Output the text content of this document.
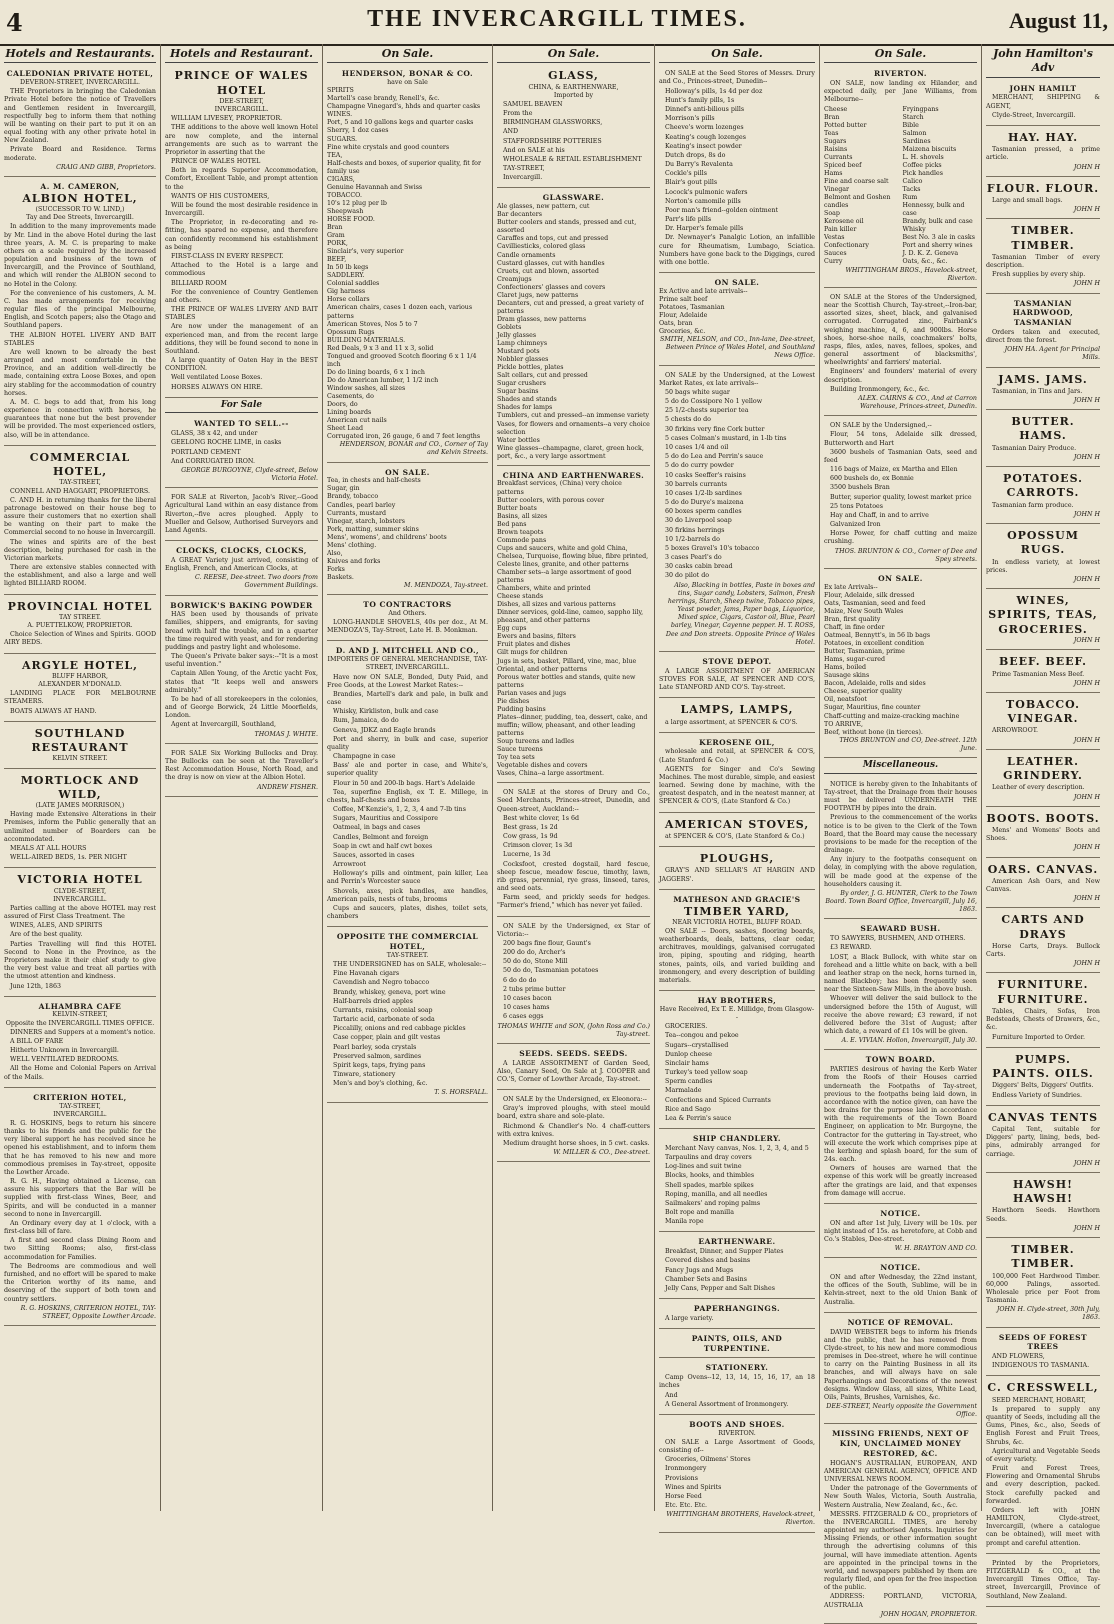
4	THE INVERCARGILL TIMES.	August 11,
Hotels and Restaurants.
CALEDONIAN PRIVATE HOTEL,
DEVERON-STREET, INVERCARGILL.

THE Proprietors in bringing the Caledonian Private Hotel before the notice of Travellers and Gentlemen resident in Invercargill, respectfully beg to inform them that nothing will be wanting on their part to put it on an equal footing with any other private hotel in New Zealand.

Private Board and Residence. Terms moderate.

CRAIG AND GIBB, Proprietors.
A. M. CAMERON,
ALBION HOTEL,
(SUCCESSOR TO W. LIND,)
Tay and Dee Streets, Invercargill.

In addition to the many improvements made by Mr. Lind in the above Hotel during the last three years, A. M. C. is preparing to make others on a scale required by the increased population and business of the town of Invercargill, and the Province of Southland, and which will render the ALBION second to no Hotel in the Colony.

For the convenience of his customers, A. M. C. has made arrangements for receiving regular files of the principal Melbourne, English, and Scotch papers; also the Otago and Southland papers.

THE ALBION HOTEL LIVERY AND BAIT STABLES

Are well known to be already the best arranged and most comfortable in the Province, and an addition well-directly be made, containing extra Loose Boxes, and open airy stabling for the accommodation of country horses.

A. M. C. begs to add that, from his long experience in connection with horses, he guarantees that none but the best provender will be provided. The most experienced ostlers, also, will be in attendance.

COMMERCIAL HOTEL,
TAY-STREET,
CONNELL AND HAGGART, PROPRIETORS.

C. AND H. in returning thanks for the liberal patronage bestowed on their house beg to assure their customers that no exertion shall be wanting on their part to make the Commercial second to no house in Invercargill.

The wines and spirits are of the best description, being purchased for cash in the Victorian markets.

There are extensive stables connected with the establishment, and also a large and well lighted BILLIARD ROOM.

PROVINCIAL HOTEL
TAY STREET.
A. PUETTELKOW, PROPRIETOR.

Choice Selection of Wines and Spirits. GOOD AIRY BEDS.

ARGYLE HOTEL,
BLUFF HARBOR,
ALEXANDER M'DONALD.

LANDING PLACE FOR MELBOURNE STEAMERS.

BOATS ALWAYS AT HAND.

SOUTHLAND RESTAURANT
KELVIN STREET.
MORTLOCK AND WILD,
(LATE JAMES MORRISON,)

Having made Extensive Alterations in their Premises, inform the Public generally that an unlimited number of Boarders can be accommodated.

MEALS AT ALL HOURS

WELL-AIRED BEDS, 1s. PER NIGHT

VICTORIA HOTEL
CLYDE-STREET,
INVERCARGILL.

Parties calling at the above HOTEL may rest assured of First Class Treatment. The

WINES, ALES, AND SPIRITS

Are of the best quality.

Parties Travelling will find this HOTEL Second to None in the Province, as the Proprietors make it their chief study to give the very best value and treat all parties with the utmost attention and kindness.

June 12th, 1863

ALHAMBRA CAFE
KELVIN-STREET,
Opposite the INVERCARGILL TIMES OFFICE.

DINNERS and Suppers at a moment's notice.

A BILL OF FARE

Hitherto Unknown in Invercargill.

WELL VENTILATED BEDROOMS.

All the Home and Colonial Papers on Arrival of the Mails.

CRITERION HOTEL,
TAY-STREET,
INVERCARGILL.

R. G. HOSKINS, begs to return his sincere thanks to his friends and the public for the very liberal support he has received since he opened his establishment, and to inform them that he has removed to his new and more commodious premises in Tay-street, opposite the Lowther Arcade.

R. G. H., Having obtained a License, can assure his supporters that the Bar will be supplied with first-class Wines, Beer, and Spirits, and will be conducted in a manner second to none in Invercargill.

An Ordinary every day at 1 o'clock, with a first-class bill of fare.

A first and second class Dining Room and two Sitting Rooms; also, first-class accommodation for Families.

The Bedrooms are commodious and well furnished, and no effort will be spared to make the Criterion worthy of its name, and deserving of the support of both town and country settlers.

R. G. HOSKINS, CRITERION HOTEL, TAY-STREET, Opposite Lowther Arcade.
Hotels and Restaurant.
PRINCE OF WALES HOTEL
DEE-STREET,
INVERCARGILL.

WILLIAM LIVESEY, PROPRIETOR.

THE additions to the above well known Hotel are now complete, and the internal arrangements are such as to warrant the Proprietor in asserting that the

PRINCE OF WALES HOTEL

Both in regards Superior Accommodation, Comfort, Excellent Table, and prompt attention to the

WANTS OF HIS CUSTOMERS,

Will be found the most desirable residence in Invercargill.

The Proprietor, in re-decorating and re-fitting, has spared no expense, and therefore can confidently recommend his establishment as being

FIRST-CLASS IN EVERY RESPECT.

Attached to the Hotel is a large and commodious

BILLIARD ROOM

For the convenience of Country Gentlemen and others.

THE PRINCE OF WALES LIVERY AND BAIT STABLES

Are now under the management of an experienced man, and from the recent large additions, they will be found second to none in Southland.

A large quantity of Oaten Hay in the BEST CONDITION.

Well ventilated Loose Boxes.

HORSES ALWAYS ON HIRE.

For Sale
WANTED TO SELL.--

GLASS, 38 x 42, and under

GEELONG ROCHE LIME, in casks

PORTLAND CEMENT

And CORRUGATED IRON.

GEORGE BURGOYNE, Clyde-street, Below Victoria Hotel.

FOR SALE at Riverton, Jacob's River,--Good Agricultural Land within an easy distance from Riverton,--five acres ploughed. Apply to Mueller and Gelsow, Authorised Surveyors and Land Agents.

CLOCKS, CLOCKS, CLOCKS,

A GREAT Variety just arrived, consisting of English, French, and American Clocks, at

C. REESE, Dee-street. Two doors from Government Buildings.
BORWICK'S BAKING POWDER

HAS been used by thousands of private families, shippers, and emigrants, for saving bread with half the trouble, and in a quarter the time required with yeast, and for rendering puddings and pastry light and wholesome.

The Queen's Private baker says:--"It is a most useful invention."

Captain Allen Young, of the Arctic yacht Fox, states that "It keeps well and answers admirably."

To be had of all storekeepers in the colonies, and of George Borwick, 24 Little Moorfields, London.

Agent at Invercargill, Southland,

THOMAS J. WHITE.

FOR SALE Six Working Bullocks and Dray. The Bullocks can be seen at the Traveller's Rest Accommodation House, North Road, and the dray is now on view at the Albion Hotel.

ANDREW FISHER.
On Sale.
HENDERSON, BONAR & CO.
have on Sale
SPIRITS
Martell's case brandy, Renell's, &c.
Champagne Vinegard's, hhds and quarter casks
WINES.
Port, 5 and 10 gallons kegs and quarter casks
Sherry, 1 doz cases
SUGARS.
Fine white crystals and good counters
TEA,
Half-chests and boxes, of superior quality, fit for family use
CIGARS,
Genuine Havannah and Swiss
TOBACCO.
10's 12 plug per lb
Sheepwash
HORSE FOOD.
Bran
Gram
PORK,
Sinclair's, very superior
BEEF,
In 50 lb kegs
SADDLERY.
Colonial saddles
Gig harness
Horse collars
American chairs, cases 1 dozen each, various patterns
American Stoves, Nos 5 to 7
Opossum Rugs
BUILDING MATERIALS.
Red Deals, 9 x 3 and 11 x 3, solid
Tongued and grooved Scotch flooring 6 x 1 1/4 inch
Do do lining boards, 6 x 1 inch
Do do American lumber, 1 1/2 inch
Window sashes, all sizes
Casements, do
Doors, do
Lining boards
American cut nails
Sheet Lead
Corrugated iron, 26 gauge, 6 and 7 feet lengths
HENDERSON, BONAR and CO., Corner of Tay and Kelvin Streets.
ON SALE.
Tea, in chests and half-chests
Sugar, gin
Brandy, tobacco
Candles, pearl barley
Currants, mustard
Vinegar, starch, lobsters
Pork, matting, summer skins
Mens', womens', and childrens' boots
Mens' clothing.
Also,
Knives and forks
Forks
Baskets.
M. MENDOZA, Tay-street.
TO CONTRACTORS
And Others.

LONG-HANDLE SHOVELS, 40s per doz., At M. MENDOZA'S, Tay-Street, Late H. B. Monkman.

D. AND J. MITCHELL AND CO.,
IMPORTERS OF GENERAL MERCHANDISE, TAY-STREET, INVERCARGILL.

Have now ON SALE, Bonded, Duty Paid, and Free Goods, at the Lowest Market Rates:--

Brandies, Martell's dark and pale, in bulk and case

Whisky, Kirkliston, bulk and case

Rum, Jamaica, do do

Geneva, JDKZ and Eagle brands

Port and sherry, in bulk and case, superior quality

Champagne in case

Bass' ale and porter in case, and White's, superior quality

Flour in 50 and 200-lb bags. Hart's Adelaide

Tea, superfine English, ex T. E. Millege, in chests, half-chests and boxes

Coffee, M'Kenzie's, 1, 2, 3, 4 and 7-lb tins

Sugars, Mauritius and Cossipore

Oatmeal, in bags and cases

Candles, Belmont and foreign

Soap in cwt and half cwt boxes

Sauces, assorted in cases

Arrowroot

Holloway's pills and ointment, pain killer, Lea and Perrin's Worcester sauce

Shovels, axes, pick handles, axe handles, American pails, nests of tubs, brooms

Cups and saucers, plates, dishes, toilet sets, chambers

OPPOSITE THE COMMERCIAL HOTEL,
TAY-STREET.

THE UNDERSIGNED has on SALE, wholesale:--

Fine Havanah cigars

Cavendish and Negro tobacco

Brandy, whiskey, geneva, port wine

Half-barrels dried apples

Currants, raisins, colonial soap

Tartaric acid, carbonate of soda

Piccalilly, onions and red cabbage pickles

Case copper, plain and gilt vestas

Pearl barley, soda crystals

Preserved salmon, sardines

Spirit kegs, taps, frying pans

Tinware, stationery

Men's and boy's clothing, &c.

T. S. HORSFALL.
On Sale.
GLASS,
CHINA, & EARTHENWARE,
Imported by

SAMUEL BEAVEN

From the

BIRMINGHAM GLASSWORKS,

AND

STAFFORDSHIRE POTTERIES

And on SALE at his

WHOLESALE & RETAIL ESTABLISHMENT

TAY-STREET,

Invercargill.

GLASSWARE.
Ale glasses, new pattern, cut
Bar decanters
Butter coolers and stands, pressed and cut, assorted
Caraffes and tops, cut and pressed
Cavilliesticks, colored glass
Candle ornaments
Custard glasses, cut with handles
Cruets, cut and blown, assorted
Creamjugs
Confectioners' glasses and covers
Claret jugs, new patterns
Decanters, cut and pressed, a great variety of patterns
Dram glasses, new patterns
Goblets
Jelly glasses
Lamp chimneys
Mustard pots
Nobbler glasses
Pickle bottles, plates
Salt cellars, cut and pressed
Sugar crushers
Sugar basins
Shades and stands
Shades for lamps
Tumblers, cut and pressed--an immense variety
Vases, for flowers and ornaments--a very choice selection
Water bottles
Wine glasses--champagne, claret, green hock, port, &c., a very large assortment
CHINA AND EARTHENWARES.
Breakfast services, (China) very choice patterns
Butter coolers, with porous cover
Butter boats
Basins, all sizes
Bed pans
Brown teapots
Commode pans
Cups and saucers, white and gold China, Chelsea, Turquoise, flowing blue, fibre printed, Celeste lines, granite, and other patterns
Chamber sets--a large assortment of good patterns
Chambers, white and printed
Cheese stands
Dishes, all sizes and various patterns
Dinner services, gold-line, cameo, sappho lily, pheasant, and other patterns
Egg cups
Ewers and basins, filters
Fruit plates and dishes
Gilt mugs for children
Jugs in sets, basket, Pillard, vine, mac, blue Oriental, and other patterns
Porous water bottles and stands, quite new patterns
Parian vases and jugs
Pie dishes
Pudding basins
Plates--dinner, pudding, tea, dessert, cake, and muffin; willow, pheasant, and other leading patterns
Soup tureens and ladles
Sauce tureens
Toy tea sets
Vegetable dishes and covers
Vases, China--a large assortment.

ON SALE at the stores of Drury and Co., Seed Merchants, Princes-street, Dunedin, and Queen-street, Auckland:--

Best white clover, 1s 6d

Best grass, 1s 2d

Cow grass, 1s 9d

Crimson clover, 1s 3d

Lucerne, 1s 3d

Cocksfoot, crested dogstail, hard fescue, sheep fescue, meadow fescue, timothy, lawn, rib grass, perennial, rye grass, linseed, tares, and seed oats.

Farm seed, and prickly seeds for hedges. "Farmer's friend," which has never yet failed.

ON SALE by the Undersigned, ex Star of Victoria:--

200 bags fine flour, Gaunt's

200 do do, Archer's

50 do do, Stone Mill

50 do do, Tasmanian potatoes

6 do do do

2 tubs prime butter

10 cases bacon

10 cases hams

6 cases eggs

THOMAS WHITE and SON, (John Ross and Co.) Tay-street.
SEEDS. SEEDS. SEEDS.

A LARGE ASSORTMENT of Garden Seed, Also, Canary Seed, On Sale at J. COOPER and CO.'S, Corner of Lowther Arcade, Tay-street.

ON SALE by the Undersigned, ex Eleonora:--

Gray's improved ploughs, with steel mould board, extra share and sole-plate.

Richmond & Chandler's No. 4 chaff-cutters with extra knives.

Medium draught horse shoes, in 5 cwt. casks.

W. MILLER & CO., Dee-street.
On Sale.

ON SALE at the Seed Stores of Messrs. Drury and Co., Princes-street, Dunedin--

Holloway's pills, 1s 4d per doz

Hunt's family pills, 1s

Dinnef's anti-bilious pills

Morrison's pills

Cheeve's worm lozenges

Keating's cough lozenges

Keating's insect powder

Dutch drops, 8s do

Du Barry's Revalenta

Cockle's pills

Blair's gout pills

Locock's pulmonic wafers

Norton's camomile pills

Poor man's friend--golden ointment

Parr's life pills

Dr. Harper's female pills

Dr. Newnayer's Panalgic Lotion, an infallible cure for Rheumatism, Lumbago, Sciatica. Numbers have gone back to the Diggings, cured with one bottle.

ON SALE.
Ex Active and late arrivals--
Prime salt beef
Potatoes, Tasmanian
Flour, Adelaide
Oats, bran
Groceries, &c.
SMITH, NELSON, and CO., Inn-lane, Dee-street, Between Prince of Wales Hotel, and Southland News Office.

ON SALE by the Undersigned, at the Lowest Market Rates, ex late arrivals--

50 bags white sugar

5 do do Cossipore No 1 yellow

25 1/2-chests superior tea

5 chests do do

30 firkins very fine Cork butter

5 cases Colman's mustard, in 1-lb tins

10 cases 1/4 and oil

5 do do Lea and Perrin's sauce

5 do do curry powder

10 casks Seeffer's raisins

30 barrels currants

10 cases 1/2-lb sardines

5 do do Durye's maizena

60 boxes sperm candles

30 do Liverpool soap

30 firkins herrings

10 1/2-barrels do

5 boxes Gravel's 10's tobacco

3 cases Pearl's do

30 casks cabin bread

30 do pilot do

Also, Blacking in bottles, Paste in boxes and tins, Sugar candy, Lobsters, Salmon, Fresh herrings, Starch, Sheep twine, Tobacco pipes, Yeast powder, Jams, Paper bags, Liquorice, Mixed spice, Cigars, Castor oil, Blue, Pearl barley, Vinegar, Cayenne pepper. H. T. ROSS, Dee and Don streets. Opposite Prince of Wales Hotel.
STOVE DEPOT.

A LARGE ASSORTMENT OF AMERICAN STOVES FOR SALE, AT SPENCER AND CO'S, Late STANFORD AND CO'S. Tay-street.

LAMPS, LAMPS,

a large assortment, at SPENCER & CO'S.

KEROSENE OIL,

wholesale and retail, at SPENCER & CO'S, (Late Stanford & Co.)

AGENTS for Singer and Co's Sewing Machines. The most durable, simple, and easiest learned. Sewing done by machine, with the greatest despatch, and in the neatest manner, at SPENCER & CO'S, (Late Stanford & Co.)

AMERICAN STOVES,

at SPENCER & CO'S, (Late Stanford & Co.)

PLOUGHS,

GRAY'S AND SELLAR'S AT HARGIN AND JAGGERS'.

MATHESON AND GRACIE'S
TIMBER YARD,
NEAR VICTORIA HOTEL, BLUFF ROAD.

ON SALE -- Doors, sashes, flooring boards, weatherboards, deals, battens, clear cedar, architraves, mouldings, galvanised corrugated iron, piping, spouting and ridging, hearth stones, paints, oils, and varied building and ironmongery, and every description of building materials.

HAY BROTHERS,
Have Received, Ex T. E. Millidge, from Glasgow--

GROCERIES.

Tea--congou and pekoe

Sugars--crystallised

Dunlop cheese

Sinclair hams

Turkey's teed yellow soap

Sperm candles

Marmalade

Confections and Spiced Currants

Rice and Sago

Lea & Perrin's sauce

SHIP CHANDLERY.

Merchant Navy canvas, Nos. 1, 2, 3, 4, and 5

Tarpaulins and dray covers

Log-lines and suit twine

Blocks, hooks, and thimbles

Shell spades, marble spikes

Roping, manilla, and all needles

Sailmakers' and roping palms

Bolt rope and manilla

Manila rope

EARTHENWARE.

Breakfast, Dinner, and Supper Plates

Covered dishes and basins

Fancy Jugs and Mugs

Chamber Sets and Basins

Jelly Cans, Pepper and Salt Dishes

PAPERHANGINGS.

A large variety.

PAINTS, OILS, AND TURPENTINE.
STATIONERY.

Camp Ovens--12, 13, 14, 15, 16, 17, an 18 inches

And

A General Assortment of Ironmongery.

BOOTS AND SHOES.
RIVERTON.

ON SALE a Large Assortment of Goods, consisting of--

Groceries, Oilmens' Stores

Ironmongery

Provisions

Wines and Spirits

Horse Feed

Etc. Etc. Etc.

WHITTINGHAM BROTHERS, Havelock-street, Riverton.
On Sale.
RIVERTON.

ON SALE, now landing ex Hilander, and expected daily, per Jane Williams, from Melbourne--

Cheese
Bran
Potted butter
Teas
Sugars
Raisins
Currants
Spiced beef
Hams
Fine and coarse salt
Vinegar
Belmont and Goshen candles
Soap
Kerosene oil
Pain killer
Vestas
Confectionary
Sauces
Curry
Fryingpans
Starch
Bible
Salmon
Sardines
Maizena biscuits
L. H. shovels
Coffee picks
Pick handles
Calico
Tacks
Rum
Hennessy, bulk and case
Brandy, bulk and case
Whisky
Best No. 3 ale in casks
Port and sherry wines
J. D. K. Z. Geneva
Oats, &c., &c.
WHITTINGHAM BROS., Havelock-street, Riverton.

ON SALE at the Stores of the Undersigned, near the Scottish Church, Tay-street,--Iron-bar, assorted sizes, sheet, black, and galvanised corrugated. Corrugated zinc, Fairbank's weighing machine, 4, 6, and 900lbs. Horse shoes, horse-shoe nails, coachmakers' bolts, rasps, files, axles, naves, felloes, spokes, and general assortment of blacksmiths', wheelwrights' and farriers' material.

Engineers' and founders' material of every description.

Building Ironmongery, &c., &c.

ALEX. CAIRNS & CO., And at Carron Warehouse, Princes-street, Dunedin.

ON SALE by the Undersigned,--

Flour, 54 tons, Adelaide silk dressed, Butterworth and Hart

3600 bushels of Tasmanian Oats, seed and feed

116 bags of Maize, ex Martha and Ellen

600 bushels do, ex Bonnie

3500 bushels Bran

Butter, superior quality, lowest market price

25 tons Potatoes

Hay and Chaff, in and to arrive

Galvanized Iron

Horse Power, for chaff cutting and maize crushing.

THOS. BRUNTON & CO., Corner of Dee and Spey streets.
ON SALE.
Ex late Arrivals--
Flour, Adelaide, silk dressed
Oats, Tasmanian, seed and feed
Maize, New South Wales
Bran, first quality
Chaff, in fine order
Oatmeal, Bennytt's, in 56 lb bags
Potatoes, in excellent condition
Butter, Tasmanian, prime
Hams, sugar-cured
Hams, boiled
Sausage skins
Bacon, Adelaide, rolls and sides
Cheese, superior quality
Oil, neatsfoot
Sugar, Mauritius, fine counter
Chaff-cutting and maize-cracking machine
TO ARRIVE,
Beef, without bone (in tierces).
THOS BRUNTON and CO, Dee-street. 12th June.
Miscellaneous.

NOTICE is hereby given to the Inhabitants of Tay-street, that the Drainage from their houses must be delivered UNDERNEATH THE FOOTPATH by pipes into the drain.

Previous to the commencement of the works notice is to be given to the Clerk of the Town Board, that the Board may cause the necessary provisions to be made for the reception of the drainage.

Any injury to the footpaths consequent on delay, in complying with the above regulation, will be made good at the expense of the householders causing it.

By order, J. G. HUNTER, Clerk to the Town Board. Town Board Office, Invercargill, July 16, 1863.
SEAWARD BUSH.

TO SAWYERS, BUSHMEN, AND OTHERS.

£3 REWARD.

LOST, a Black Bullock, with white star on forehead and a little white on back, with a bell and leather strap on the neck, horns turned in, named Blackboy; has been frequently seen near the Sixteen-Saw Mills, in the above bush.

Whoever will deliver the said bullock to the undersigned before the 15th of August, will receive the above reward; £3 reward, if not delivered before the 31st of August; after which date, a reward of £1 10s will be given.

A. E. VIVIAN. Hollon, Invercargill, July 30.
TOWN BOARD.

PARTIES desirous of having the Kerb Water from the Roofs of their Houses carried underneath the Footpaths of Tay-street, previous to the footpaths being laid down, in accordance with the notice given, can have the box drains for the purpose laid in accordance with the requirements of the Town Board Engineer, on application to Mr. Burgoyne, the Contractor for the guttering in Tay-street, who will execute the work which comprises pipe at the kerbing and splash board, for the sum of 24s. each.

Owners of houses are warned that the expense of this work will be greatly increased after the gratings are laid, and that expenses from damage will accrue.

NOTICE.

ON and after 1st July, Livery will be 10s. per night instead of 15s. as heretofore, at Cobb and Co.'s Stables, Dee-street.

W. H. BRAYTON AND CO.
NOTICE.

ON and after Wednesday, the 22nd instant, the offices of the South, Sublime, will be in Kelvin-street, next to the old Union Bank of Australia.

NOTICE OF REMOVAL.

DAVID WEBSTER begs to inform his friends and the public, that he has removed from Clyde-street, to his new and more commodious premises in Dee-street, where he will continue to carry on the Painting Business in all its branches, and will always have on sale Paperhangings and Decorations of the newest designs. Window Glass, all sizes, White Lead, Oils, Paints, Brushes, Varnishes, &c.

DEE-STREET, Nearly opposite the Government Office.
MISSING FRIENDS, NEXT OF KIN, UNCLAIMED MONEY RESTORED, &C.

HOGAN'S AUSTRALIAN, EUROPEAN, AND AMERICAN GENERAL AGENCY, OFFICE AND UNIVERSAL NEWS ROOM.

Under the patronage of the Governments of New South Wales, Victoria, South Australia, Western Australia, New Zealand, &c., &c.

MESSRS. FITZGERALD & CO., proprietors of the INVERCARGILL TIMES, are hereby appointed my authorised Agents. Inquiries for Missing Friends, or other information sought through the advertising columns of this journal, will have immediate attention. Agents are appointed in the principal towns in the world, and newspapers published by them are regularly filed, and open for the free inspection of the public.

ADDRESS: PORTLAND, VICTORIA, AUSTRALIA

JOHN HOGAN, PROPRIETOR.
John Hamilton's Adv
JOHN HAMILT

MERCHANT, SHIPPING & AGENT,

Clyde-Street, Invercargill.

HAY. HAY.

Tasmanian pressed, a prime article.

JOHN H
FLOUR. FLOUR.

Large and small bags.

JOHN H
TIMBER. TIMBER.

Tasmanian Timber of every description.

Fresh supplies by every ship.

JOHN H
TASMANIAN HARDWOOD, TASMANIAN

Orders taken and executed, direct from the forest.

JOHN HA. Agent for Principal Mills.
JAMS. JAMS.

Tasmanian, in Tins and Jars.

JOHN H
BUTTER. HAMS.

Tasmanian Dairy Produce.

JOHN H
POTATOES. CARROTS.

Tasmanian farm produce.

JOHN H
OPOSSUM RUGS.

In endless variety, at lowest prices.

JOHN H
WINES, SPIRITS, TEAS, GROCERIES.
JOHN H
BEEF. BEEF.

Prime Tasmanian Mess Beef.

JOHN H
TOBACCO. VINEGAR.

ARROWROOT.

JOHN H
LEATHER. GRINDERY.

Leather of every description.

JOHN H
BOOTS. BOOTS.

Mens' and Womens' Boots and Shoes.

JOHN H
OARS. CANVAS.

American Ash Oars, and New Canvas.

JOHN H
CARTS AND DRAYS

Horse Carts, Drays. Bullock Carts.

JOHN H
FURNITURE. FURNITURE.

Tables, Chairs, Sofas, Iron Bedsteads, Chests of Drawers, &c., &c.

Furniture Imported to Order.

PUMPS. PAINTS. OILS.

Diggers' Belts, Diggers' Outfits.

Endless Variety of Sundries.

CANVAS TENTS

Capital Tent, suitable for Diggers' party, lining, beds, bed-pins, admirably arranged for carriage.

JOHN H
HAWSH! HAWSH!

Hawthorn Seeds. Hawthorn Seeds.

JOHN H
TIMBER. TIMBER.

100,000 Feet Hardwood Timber. 60,000 Palings, assorted. Wholesale price per Foot from Tasmania.

JOHN H. Clyde-street, 30th July, 1863.
SEEDS OF FOREST TREES

AND FLOWERS,

INDIGENOUS TO TASMANIA.

C. CRESSWELL,

SEED MERCHANT, HOBART,

Is prepared to supply any quantity of Seeds, including all the Gums, Pines, &c., also, Seeds of English Forest and Fruit Trees, Shrubs, &c.

Agricultural and Vegetable Seeds of every variety.

Fruit and Forest Trees, Flowering and Ornamental Shrubs and every description, packed. Stock carefully packed and forwarded.

Orders left with JOHN HAMILTON, Clyde-street, Invercargill, (where a catalogue can be obtained), will meet with prompt and careful attention.

Printed by the Proprietors, FITZGERALD & CO., at the Invercargill Times Office, Tay-street, Invercargill, Province of Southland, New Zealand.
